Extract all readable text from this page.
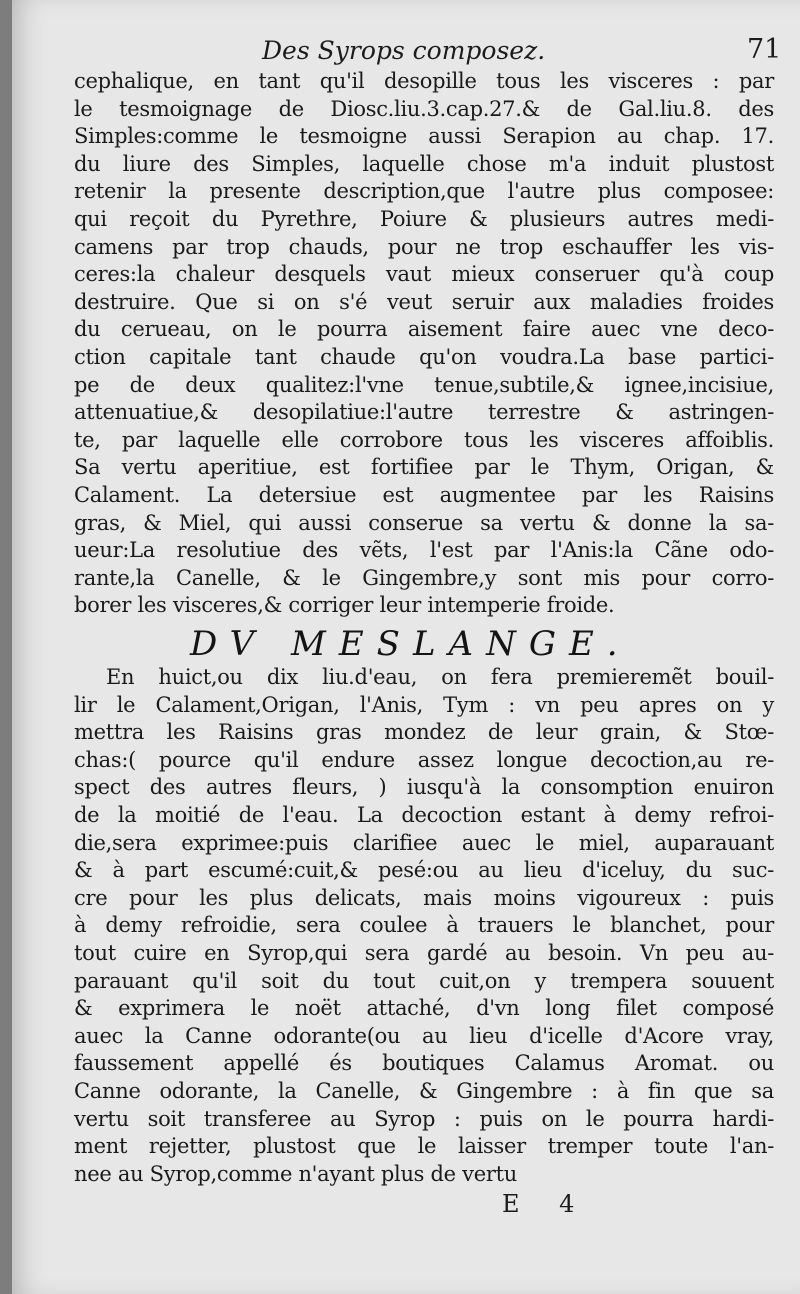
Des Syrops composez.	71
cephalique, en tant qu'il desopille tous les visceres : par
le tesmoignage de Diosc.liu.3.cap.27.& de Gal.liu.8. des
Simples:comme le tesmoigne aussi Serapion au chap. 17.
du liure des Simples, laquelle chose m'a induit plustost
retenir la presente description,que l'autre plus composee:
qui reçoit du Pyrethre, Poiure & plusieurs autres medi-
camens par trop chauds, pour ne trop eschauffer les vis-
ceres:la chaleur desquels vaut mieux conseruer qu'à coup
destruire. Que si on s'é veut seruir aux maladies froides
du cerueau, on le pourra aisement faire auec vne deco-
ction capitale tant chaude qu'on voudra.La base partici-
pe de deux qualitez:l'vne tenue,subtile,& ignee,incisiue,
attenuatiue,& desopilatiue:l'autre terrestre & astringen-
te, par laquelle elle corrobore tous les visceres affoiblis.
Sa vertu aperitiue, est fortifiee par le Thym, Origan, &
Calament. La detersiue est augmentee par les Raisins
gras, & Miel, qui aussi conserue sa vertu & donne la sa-
ueur:La resolutiue des vẽts, l'est par l'Anis:la Cãne odo-
rante,la Canelle, & le Gingembre,y sont mis pour corro-
borer les visceres,& corriger leur intemperie froide.
DV MESLANGE.
En huict,ou dix liu.d'eau, on fera premieremẽt bouil-
lir le Calament,Origan, l'Anis, Tym : vn peu apres on y
mettra les Raisins gras mondez de leur grain, & Stœ-
chas:( pource qu'il endure assez longue decoction,au re-
spect des autres fleurs, ) iusqu'à la consomption enuiron
de la moitié de l'eau. La decoction estant à demy refroi-
die,sera exprimee:puis clarifiee auec le miel, auparauant
& à part escumé:cuit,& pesé:ou au lieu d'iceluy, du suc-
cre pour les plus delicats, mais moins vigoureux : puis
à demy refroidie, sera coulee à trauers le blanchet, pour
tout cuire en Syrop,qui sera gardé au besoin. Vn peu au-
parauant qu'il soit du tout cuit,on y trempera souuent
& exprimera le noët attaché, d'vn long filet composé
auec la Canne odorante(ou au lieu d'icelle d'Acore vray,
faussement appellé és boutiques Calamus Aromat. ou
Canne odorante, la Canelle, & Gingembre : à fin que sa
vertu soit transferee au Syrop : puis on le pourra hardi-
ment rejetter, plustost que le laisser tremper toute l'an-
nee au Syrop,comme n'ayant plus de vertu
E 4
